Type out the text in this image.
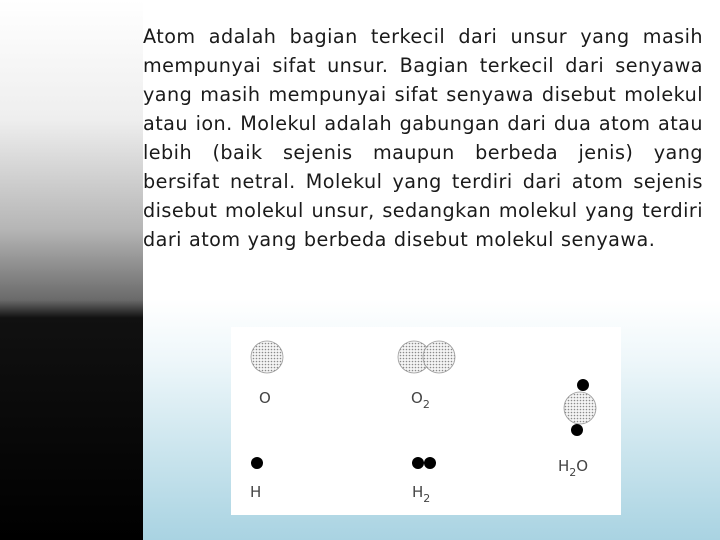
Atom adalah bagian terkecil dari unsur yang masih mempunyai sifat unsur. Bagian terkecil dari senyawa yang masih mempunyai sifat senyawa disebut molekul atau ion. Molekul adalah gabungan dari dua atom atau lebih (baik sejenis maupun berbeda jenis) yang bersifat netral. Molekul yang terdiri dari atom sejenis disebut molekul unsur, sedangkan molekul yang terdiri dari atom yang berbeda disebut molekul senyawa.
O	$O_2$
H	$H_2$
$H_2O$
